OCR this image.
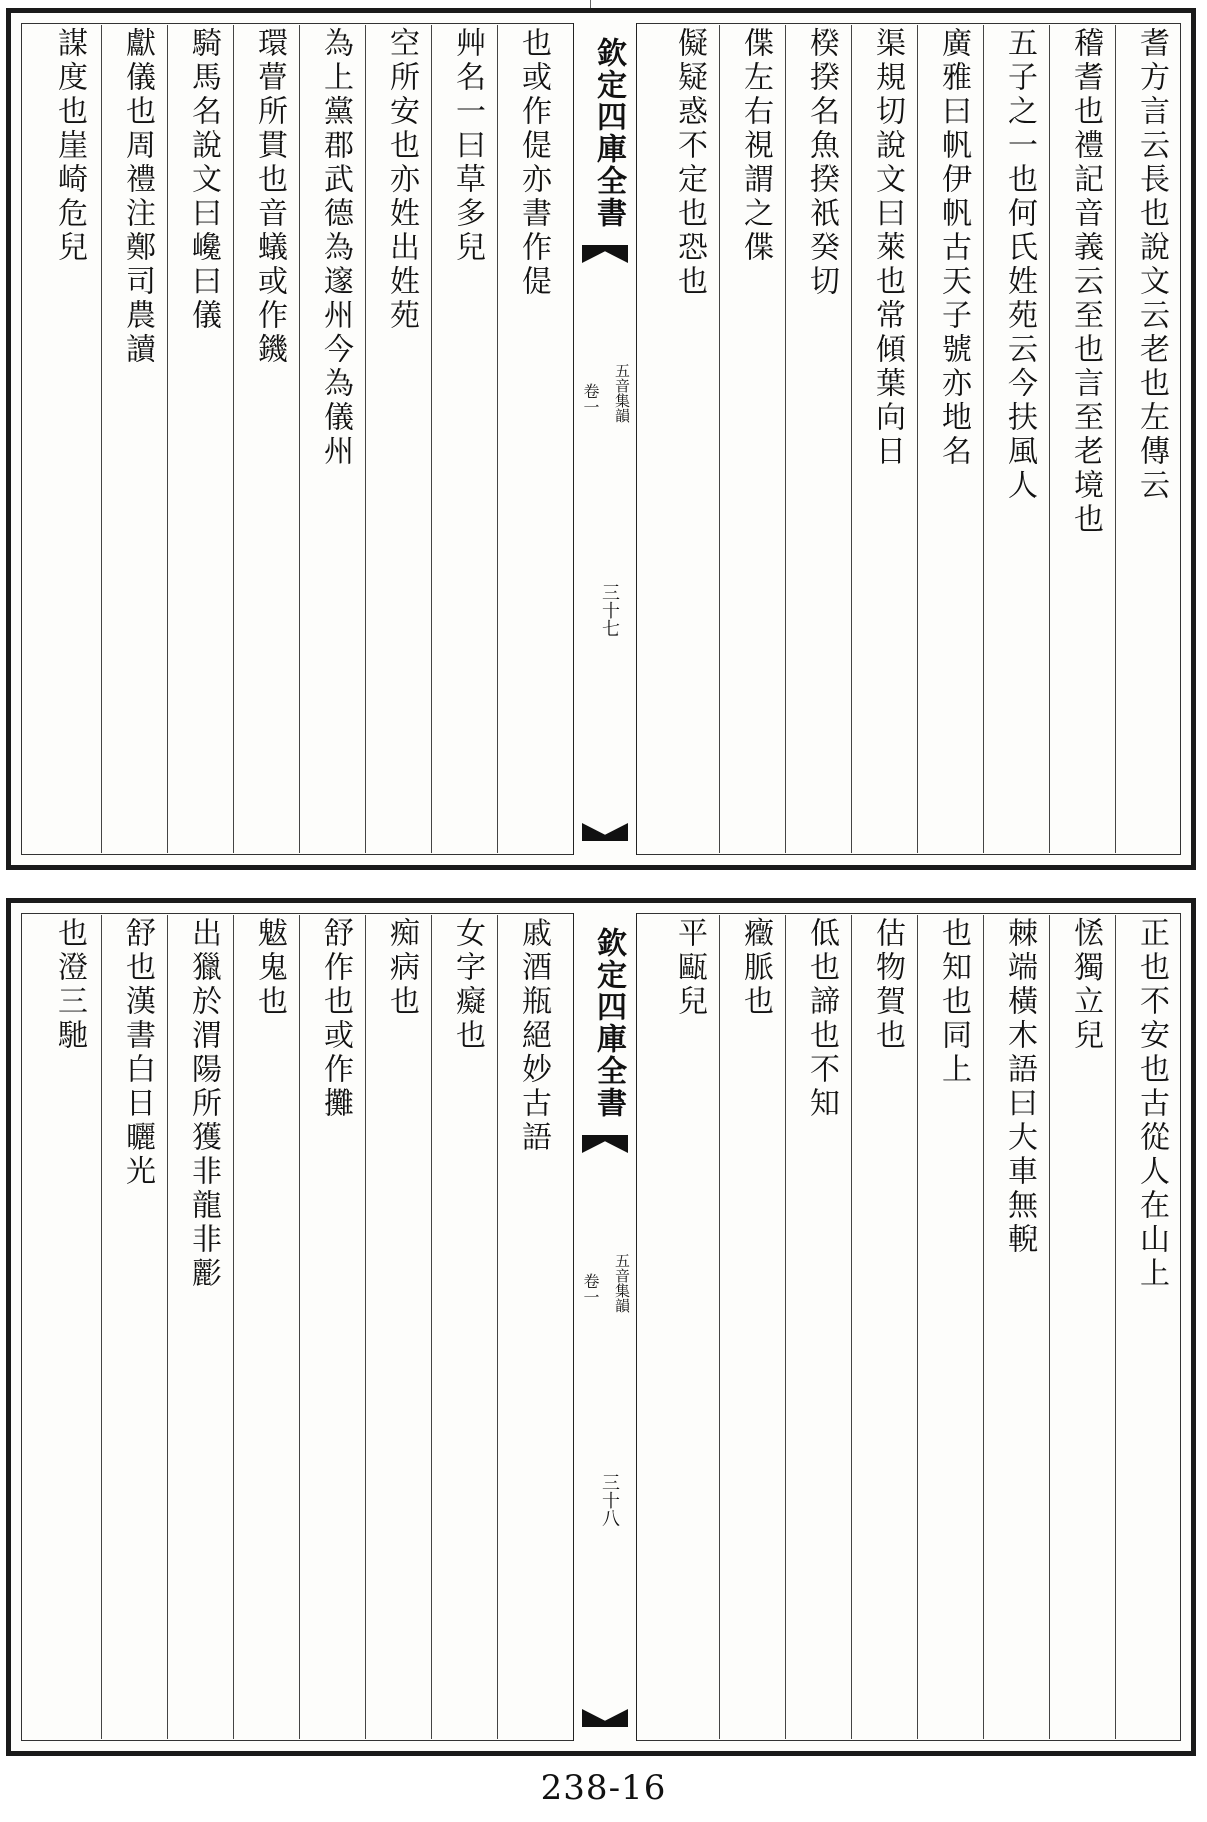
耆方言云長也說文云老也左傳云
稽耆也禮記音義云至也言至老境也
五子之一也何氏姓苑云今扶風人
廣雅曰帆伊帆古天子號亦地名
渠規切說文曰萊也常傾葉向日
楑揆名魚揆祇癸切
偞左右視謂之偞
儗疑惑不定也恐也
欽定四庫全書
卷一 五音集韻
三十七
也或作偍亦書作偍
艸名一曰草多兒
空所安也亦姓出姓苑
為上黨郡武德為邃州今為儀州
環瞢所貫也音蟻或作鐖
騎馬名說文曰巉曰儀
獻儀也周禮注鄭司農讀
謀度也崖崎危兒
正也不安也古從人在山上
恡獨立兒
棘端橫木語曰大車無輗
也知也同上
估物賀也
低也諦也不知
癥脈也
平甌兒
欽定四庫全書
卷一 五音集韻
三十八
戚酒瓶絕妙古語
女字癡也
痴病也
舒作也或作攤
魃鬼也
出獵於渭陽所獲非龍非彲
舒也漢書白日曬光
也澄三馳
238-16
